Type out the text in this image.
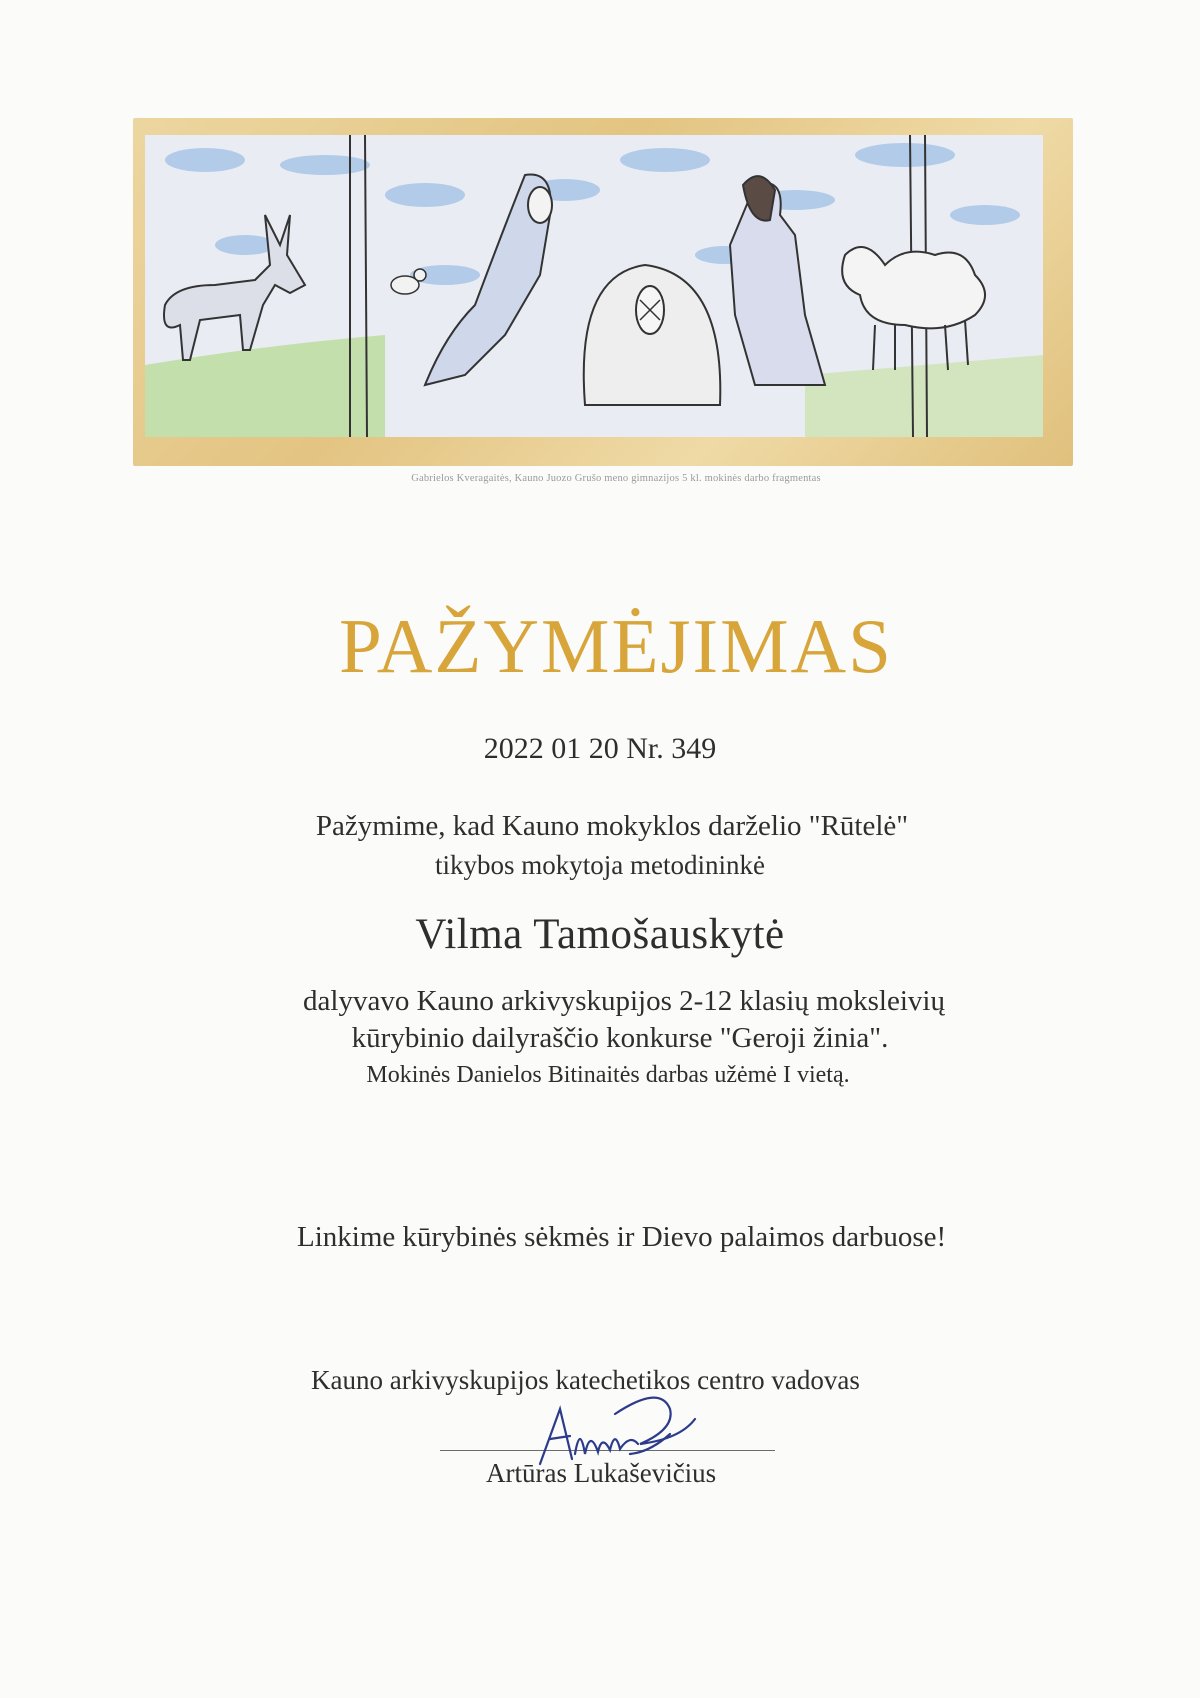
Gabrielos Kveragaitės, Kauno Juozo Grušo meno gimnazijos 5 kl. mokinės darbo fragmentas
PAŽYMĖJIMAS
2022 01 20 Nr. 349
Pažymime, kad Kauno mokyklos darželio "Rūtelė"
tikybos mokytoja metodininkė
Vilma Tamošauskytė
dalyvavo Kauno arkivyskupijos 2-12 klasių moksleivių
kūrybinio dailyraščio konkurse "Geroji žinia".
Mokinės Danielos Bitinaitės darbas užėmė I vietą.
Linkime kūrybinės sėkmės ir Dievo palaimos darbuose!
Kauno arkivyskupijos katechetikos centro vadovas
Artūras Lukaševičius
